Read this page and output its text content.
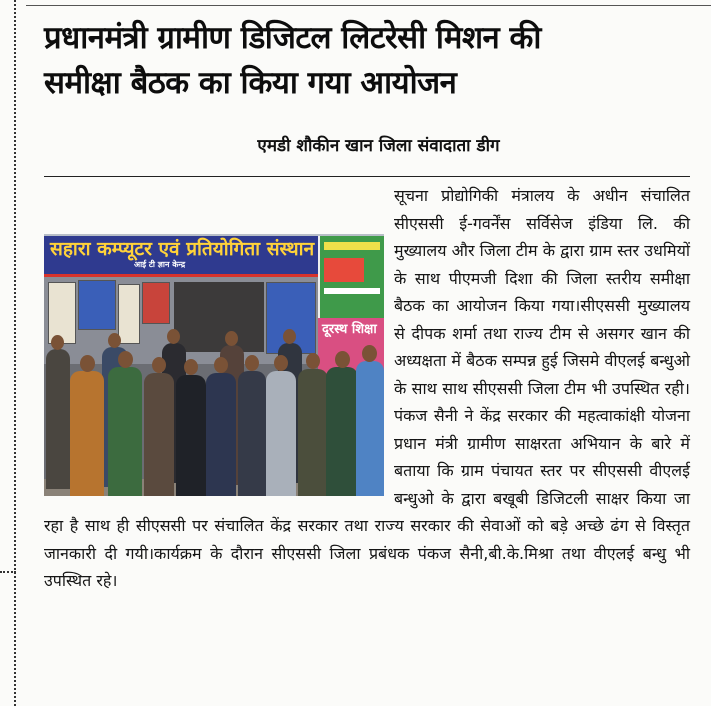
प्रधानमंत्री ग्रामीण डिजिटल लिटरेसी मिशन की
समीक्षा बैठक का किया गया आयोजन
एमडी शौकीन खान जिला संवादाता डीग
सहारा कम्प्यूटर एवं प्रतियोगिता संस्थान
आई टी ज्ञान केन्द्र
दूरस्थ शिक्षा

सूचना प्रोद्योगिकी मंत्रालय के अधीन संचालित सीएससी ई-गवर्नेंस सर्विसेज इंडिया लि. की मुख्यालय और जिला टीम के द्वारा ग्राम स्तर उधमियों के साथ पीएमजी दिशा की जिला स्तरीय समीक्षा बैठक का आयोजन किया गया।सीएससी मुख्यालय से दीपक शर्मा तथा राज्य टीम से असगर खान की अध्यक्षता में बैठक सम्पन्न हुई जिसमे वीएलई बन्धुओ के साथ साथ सीएससी जिला टीम भी उपस्थित रही।पंकज सैनी ने केंद्र सरकार की महत्वाकांक्षी योजना प्रधान मंत्री ग्रामीण साक्षरता अभियान के बारे में बताया कि ग्राम पंचायत स्तर पर सीएससी वीएलई बन्धुओ के द्वारा बखूबी डिजिटली साक्षर किया जा रहा है साथ ही सीएससी पर संचालित केंद्र सरकार तथा राज्य सरकार की सेवाओं को बड़े अच्छे ढंग से विस्तृत जानकारी दी गयी।कार्यक्रम के दौरान सीएससी जिला प्रबंधक पंकज सैनी,बी.के.मिश्रा तथा वीएलई बन्धु भी उपस्थित रहे।
